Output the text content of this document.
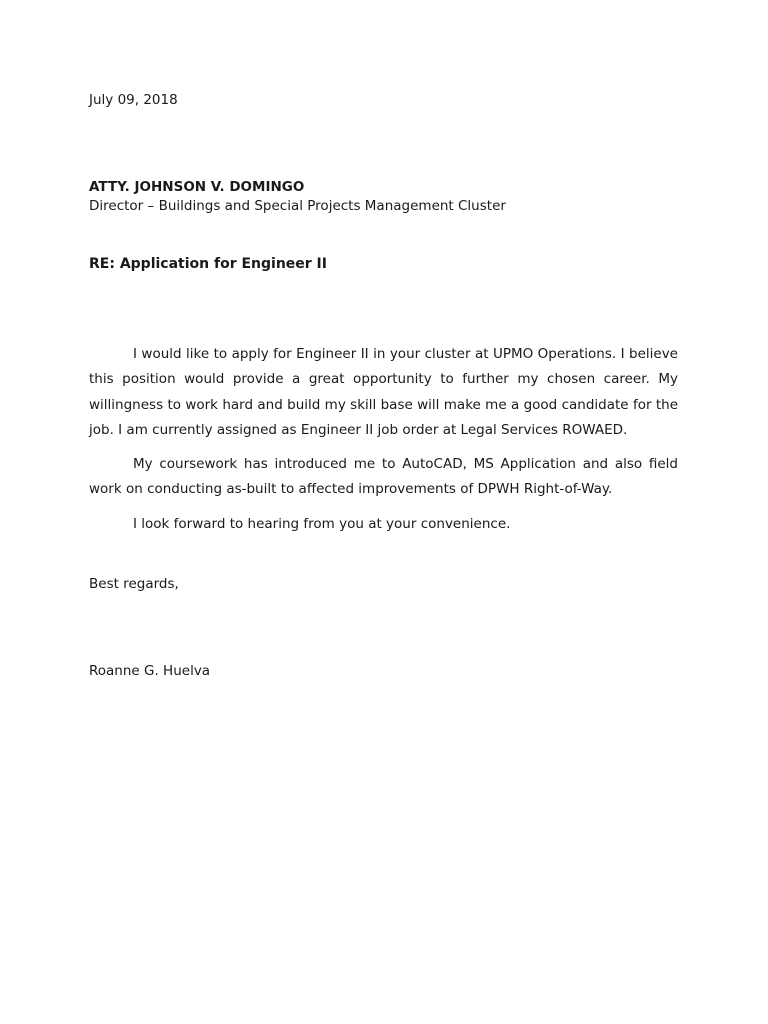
July 09, 2018
ATTY. JOHNSON V. DOMINGO
Director – Buildings and Special Projects Management Cluster
RE: Application for Engineer II

I would like to apply for Engineer II in your cluster at UPMO Operations. I believe this position would provide a great opportunity to further my chosen career. My willingness to work hard and build my skill base will make me a good candidate for the job. I am currently assigned as Engineer II job order at Legal Services ROWAED.

My coursework has introduced me to AutoCAD, MS Application and also field work on conducting as-built to affected improvements of DPWH Right-of-Way.

I look forward to hearing from you at your convenience.

Best regards,
Roanne G. Huelva
